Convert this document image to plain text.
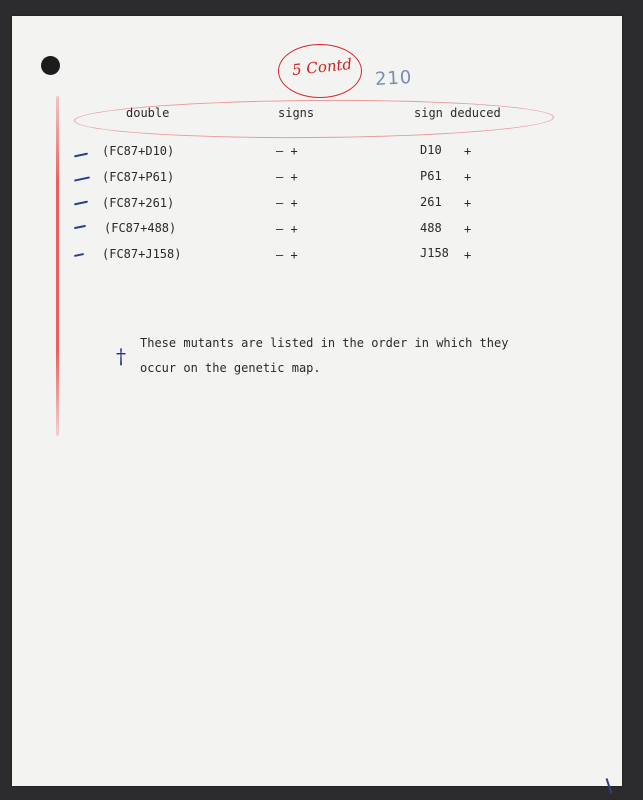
5 Contd 210
double	signs	sign deduced
(FC87+D10)	– +	D10 +
(FC87+P61)	– +	P61 +
(FC87+261)	– +	261 +
(FC87+488)	– +	488 +
(FC87+J158)	– +	J158 +
†
These mutants are listed in the order in which they
occur on the genetic map.
